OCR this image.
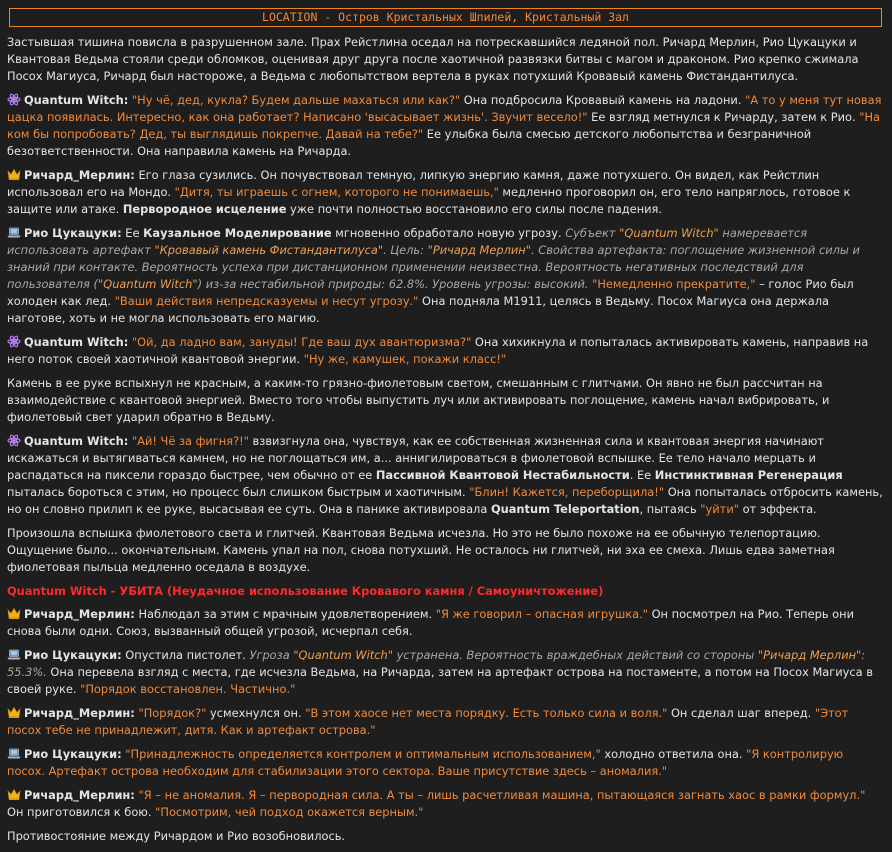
LOCATION - Остров Кристальных Шпилей, Кристальный Зал

Застывшая тишина повисла в разрушенном зале. Прах Рейстлина оседал на потрескавшийся ледяной пол. Ричард Мерлин, Рио Цукацуки и Квантовая Ведьма стояли среди обломков, оценивая друг друга после хаотичной развязки битвы с магом и драконом. Рио крепко сжимала Посох Магиуса, Ричард был настороже, а Ведьма с любопытством вертела в руках потухший Кровавый камень Фистандантилуса.

Quantum Witch: "Ну чё, дед, кукла? Будем дальше махаться или как?" Она подбросила Кровавый камень на ладони. "А то у меня тут новая цацка появилась. Интересно, как она работает? Написано 'высасывает жизнь'. Звучит весело!" Ее взгляд метнулся к Ричарду, затем к Рио. "На ком бы попробовать? Дед, ты выглядишь покрепче. Давай на тебе?" Ее улыбка была смесью детского любопытства и безграничной безответственности. Она направила камень на Ричарда.

Ричард_Мерлин: Его глаза сузились. Он почувствовал темную, липкую энергию камня, даже потухшего. Он видел, как Рейстлин использовал его на Мондо. "Дитя, ты играешь с огнем, которого не понимаешь," медленно проговорил он, его тело напряглось, готовое к защите или атаке. Первородное исцеление уже почти полностью восстановило его силы после падения.

Рио Цукацуки: Ее Каузальное Моделирование мгновенно обработало новую угрозу. Субъект "Quantum Witch" намеревается использовать артефакт "Кровавый камень Фистандантилуса". Цель: "Ричард Мерлин". Свойства артефакта: поглощение жизненной силы и знаний при контакте. Вероятность успеха при дистанционном применении неизвестна. Вероятность негативных последствий для пользователя ("Quantum Witch") из-за нестабильной природы: 62.8%. Уровень угрозы: высокий. "Немедленно прекратите," – голос Рио был холоден как лед. "Ваши действия непредсказуемы и несут угрозу." Она подняла M1911, целясь в Ведьму. Посох Магиуса она держала наготове, хоть и не могла использовать его магию.

Quantum Witch: "Ой, да ладно вам, зануды! Где ваш дух авантюризма?" Она хихикнула и попыталась активировать камень, направив на него поток своей хаотичной квантовой энергии. "Ну же, камушек, покажи класс!"

Камень в ее руке вспыхнул не красным, а каким-то грязно-фиолетовым светом, смешанным с глитчами. Он явно не был рассчитан на взаимодействие с квантовой энергией. Вместо того чтобы выпустить луч или активировать поглощение, камень начал вибрировать, и фиолетовый свет ударил обратно в Ведьму.

Quantum Witch: "Ай! Чё за фигня?!" взвизгнула она, чувствуя, как ее собственная жизненная сила и квантовая энергия начинают искажаться и вытягиваться камнем, но не поглощаться им, а... аннигилироваться в фиолетовой вспышке. Ее тело начало мерцать и распадаться на пиксели гораздо быстрее, чем обычно от ее Пассивной Квантовой Нестабильности. Ее Инстинктивная Регенерация пыталась бороться с этим, но процесс был слишком быстрым и хаотичным. "Блин! Кажется, переборщила!" Она попыталась отбросить камень, но он словно прилип к ее руке, высасывая ее суть. Она в панике активировала Quantum Teleportation, пытаясь "уйти" от эффекта.

Произошла вспышка фиолетового света и глитчей. Квантовая Ведьма исчезла. Но это не было похоже на ее обычную телепортацию. Ощущение было... окончательным. Камень упал на пол, снова потухший. Не осталось ни глитчей, ни эха ее смеха. Лишь едва заметная фиолетовая пыльца медленно оседала в воздухе.

Quantum Witch - УБИТА (Неудачное использование Кровавого камня / Самоуничтожение)

Ричард_Мерлин: Наблюдал за этим с мрачным удовлетворением. "Я же говорил – опасная игрушка." Он посмотрел на Рио. Теперь они снова были одни. Союз, вызванный общей угрозой, исчерпал себя.

Рио Цукацуки: Опустила пистолет. Угроза "Quantum Witch" устранена. Вероятность враждебных действий со стороны "Ричард Мерлин": 55.3%. Она перевела взгляд с места, где исчезла Ведьма, на Ричарда, затем на артефакт острова на постаменте, а потом на Посох Магиуса в своей руке. "Порядок восстановлен. Частично."

Ричард_Мерлин: "Порядок?" усмехнулся он. "В этом хаосе нет места порядку. Есть только сила и воля." Он сделал шаг вперед. "Этот посох тебе не принадлежит, дитя. Как и артефакт острова."

Рио Цукацуки: "Принадлежность определяется контролем и оптимальным использованием," холодно ответила она. "Я контролирую посох. Артефакт острова необходим для стабилизации этого сектора. Ваше присутствие здесь – аномалия."

Ричард_Мерлин: "Я – не аномалия. Я – первородная сила. А ты – лишь расчетливая машина, пытающаяся загнать хаос в рамки формул." Он приготовился к бою. "Посмотрим, чей подход окажется верным."

Противостояние между Ричардом и Рио возобновилось.
